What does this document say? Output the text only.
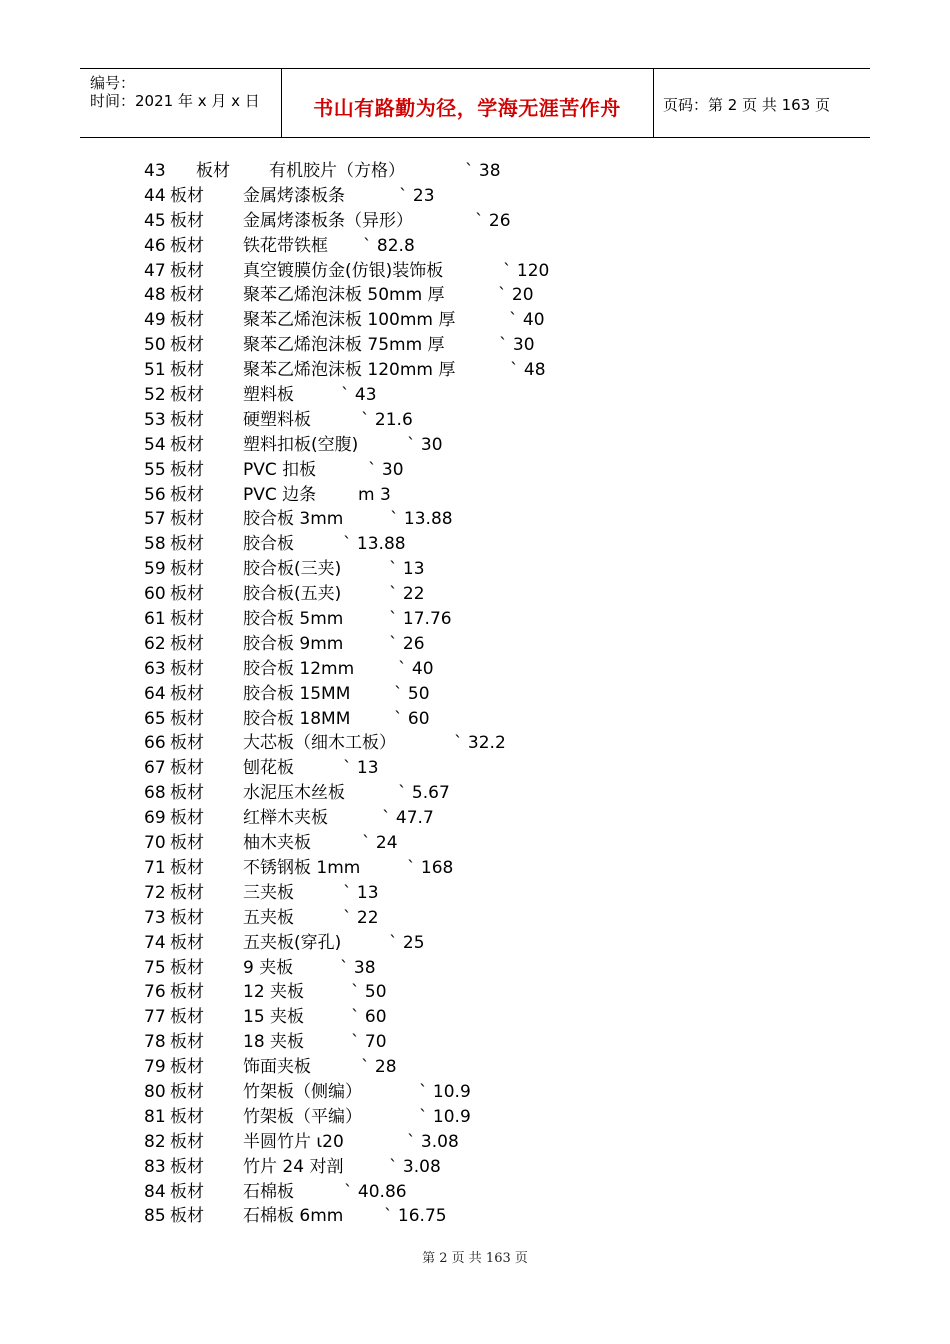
编号：
时间：2021 年 x 月 x 日	书山有路勤为径，学海无涯苦作舟	页码：第 2 页 共 163 页
43 板材 有机胶片（方格）	` 38
44 板材 金属烤漆板条	` 23
45 板材 金属烤漆板条（异形）	` 26
46 板材 铁花带铁框 ` 82.8
47 板材 真空镀膜仿金(仿银)装饰板	` 120
48 板材 聚苯乙烯泡沫板 50mm 厚	` 20
49 板材 聚苯乙烯泡沫板 100mm 厚	` 40
50 板材 聚苯乙烯泡沫板 75mm 厚	` 30
51 板材 聚苯乙烯泡沫板 120mm 厚	` 48
52 板材 塑料板	` 43
53 板材 硬塑料板	` 21.6
54 板材 塑料扣板(空腹)	` 30
55 板材 PVC 扣板	` 30
56 板材 PVC 边条 m 3
57 板材 胶合板 3mm	` 13.88
58 板材 胶合板	` 13.88
59 板材 胶合板(三夹)	` 13
60 板材 胶合板(五夹)	` 22
61 板材 胶合板 5mm	` 17.76
62 板材 胶合板 9mm	` 26
63 板材 胶合板 12mm	` 40
64 板材 胶合板 15MM	` 50
65 板材 胶合板 18MM	` 60
66 板材 大芯板（细木工板）	` 32.2
67 板材 刨花板	` 13
68 板材 水泥压木丝板	` 5.67
69 板材 红榉木夹板	` 47.7
70 板材 柚木夹板	` 24
71 板材 不锈钢板 1mm	` 168
72 板材 三夹板	` 13
73 板材 五夹板	` 22
74 板材 五夹板(穿孔)	` 25
75 板材 9 夹板	` 38
76 板材 12 夹板	` 50
77 板材 15 夹板	` 60
78 板材 18 夹板	` 70
79 板材 饰面夹板	` 28
80 板材 竹架板（侧编）	` 10.9
81 板材 竹架板（平编）	` 10.9
82 板材 半圆竹片 ι20	` 3.08
83 板材 竹片 24 对剖	` 3.08
84 板材 石棉板	` 40.86
85 板材 石棉板 6mm ` 16.75
第 2 页 共 163 页
